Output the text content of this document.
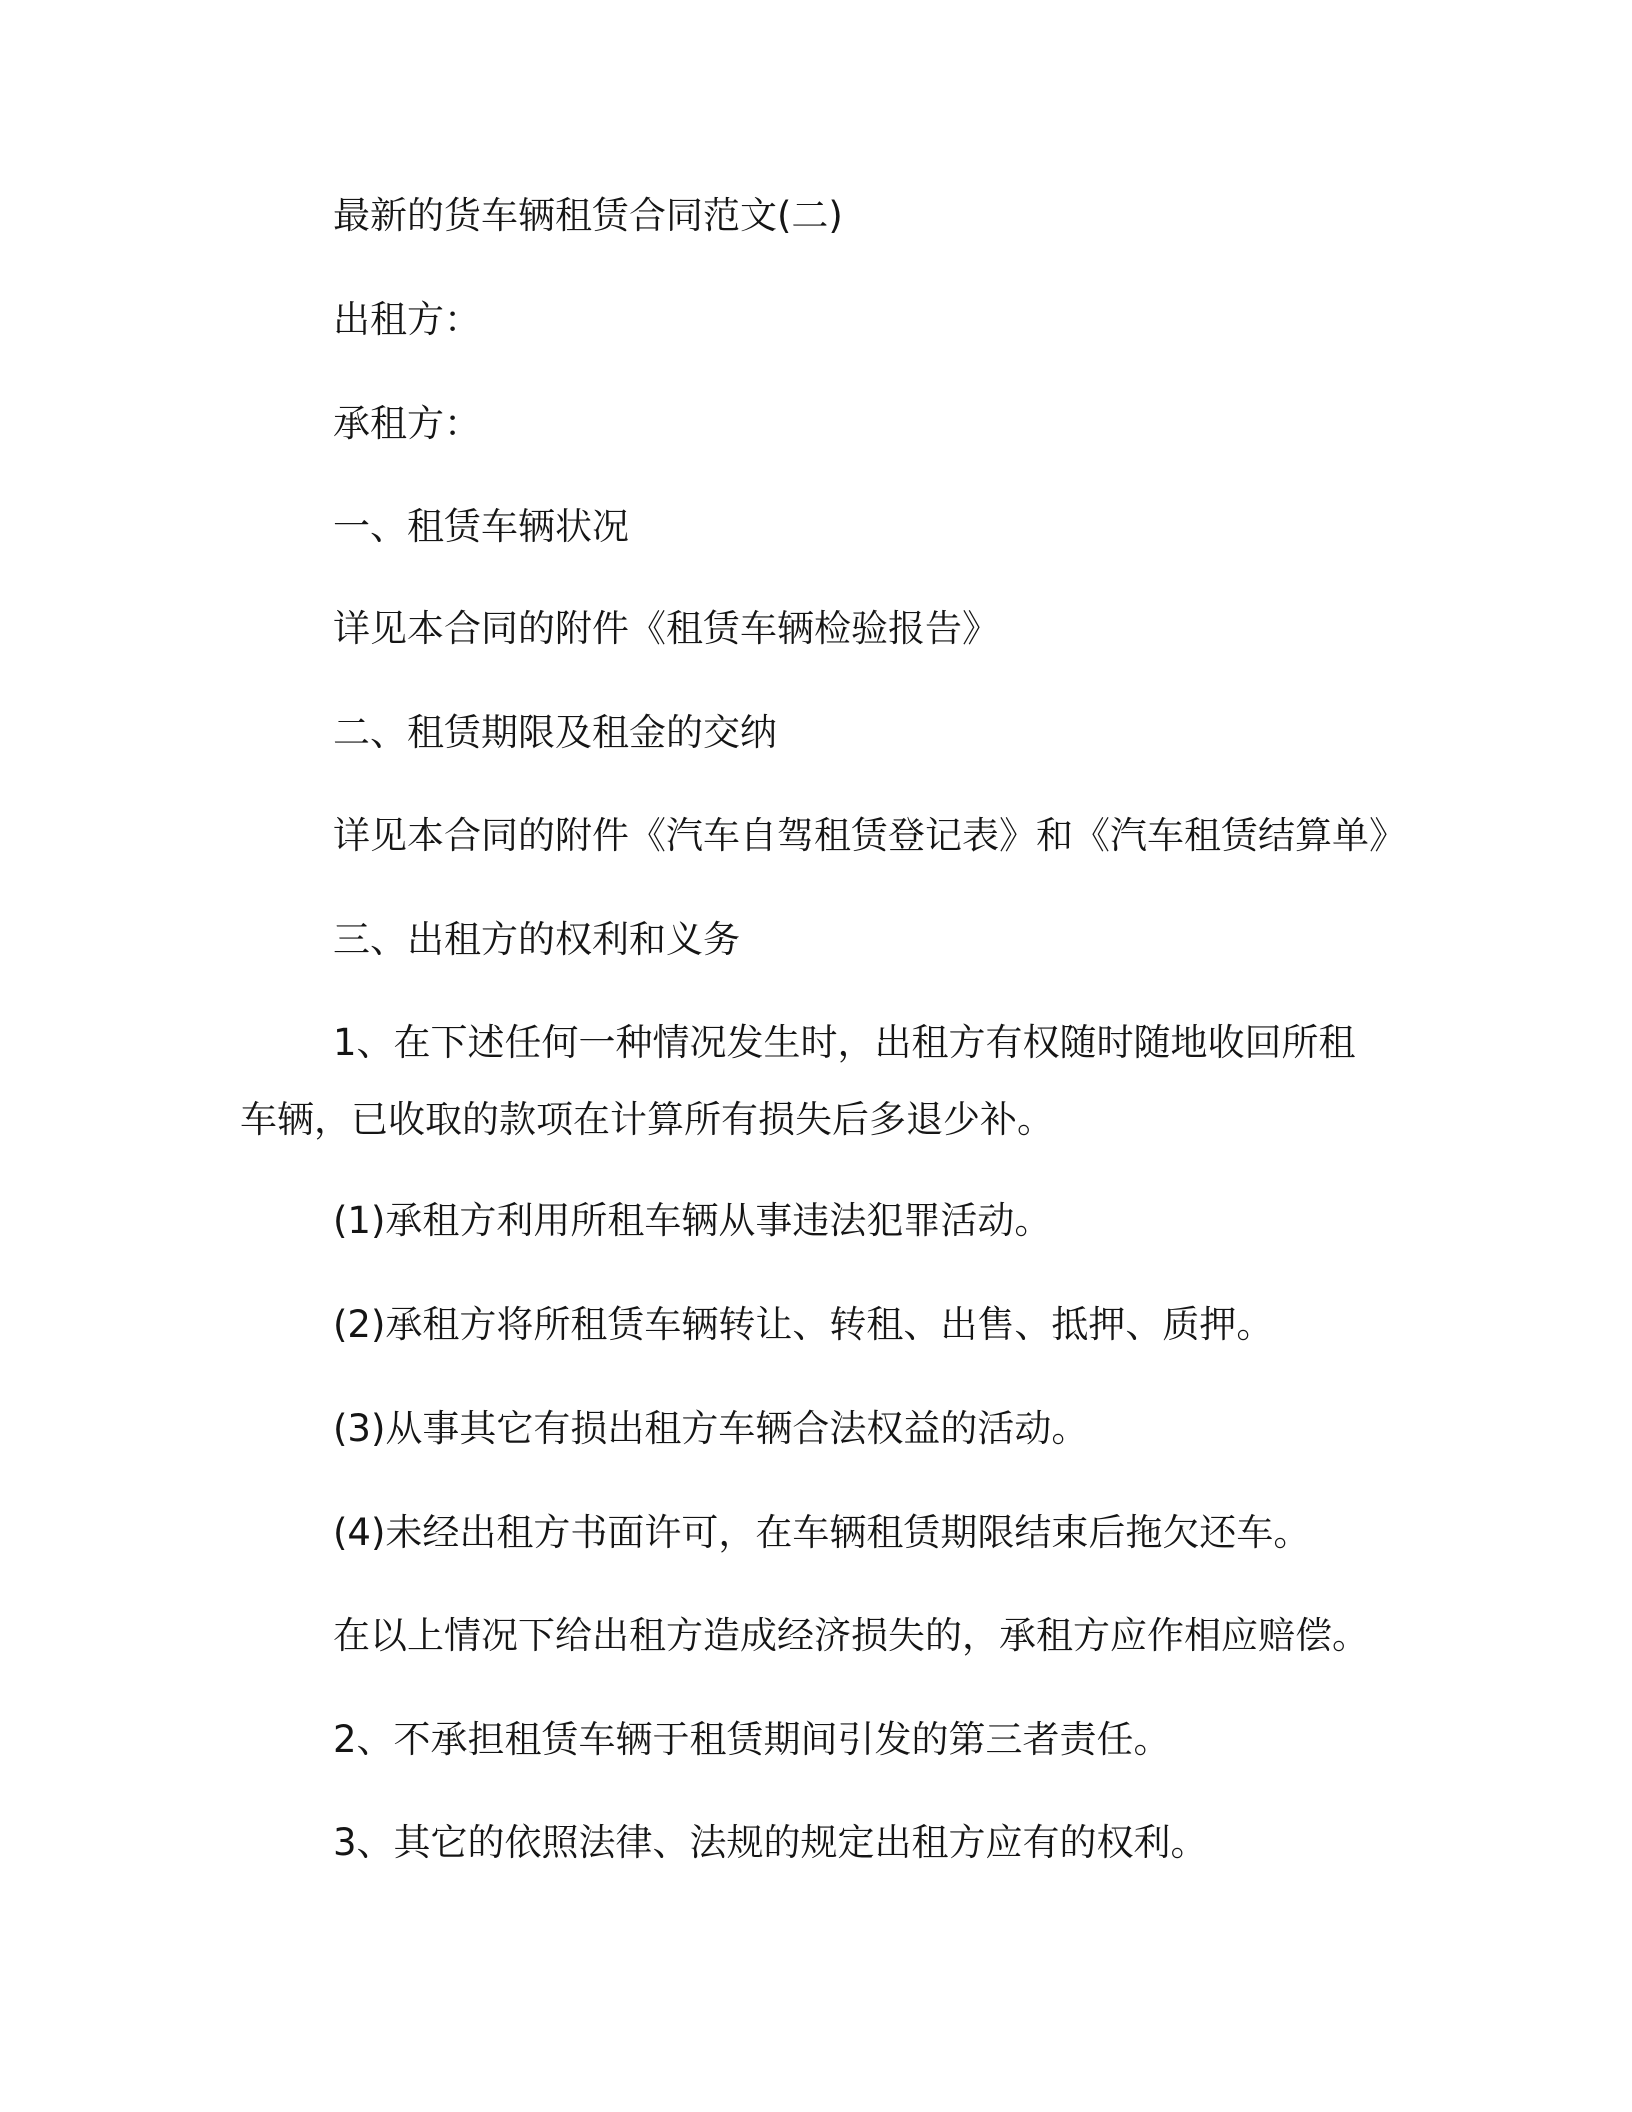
最新的货车辆租赁合同范文(二)
出租方：
承租方：
一、租赁车辆状况
详见本合同的附件《租赁车辆检验报告》
二、租赁期限及租金的交纳
详见本合同的附件《汽车自驾租赁登记表》和《汽车租赁结算单》
三、出租方的权利和义务
1、在下述任何一种情况发生时，出租方有权随时随地收回所租
车辆，已收取的款项在计算所有损失后多退少补。
(1)承租方利用所租车辆从事违法犯罪活动。
(2)承租方将所租赁车辆转让、转租、出售、抵押、质押。
(3)从事其它有损出租方车辆合法权益的活动。
(4)未经出租方书面许可，在车辆租赁期限结束后拖欠还车。
在以上情况下给出租方造成经济损失的，承租方应作相应赔偿。
2、不承担租赁车辆于租赁期间引发的第三者责任。
3、其它的依照法律、法规的规定出租方应有的权利。
